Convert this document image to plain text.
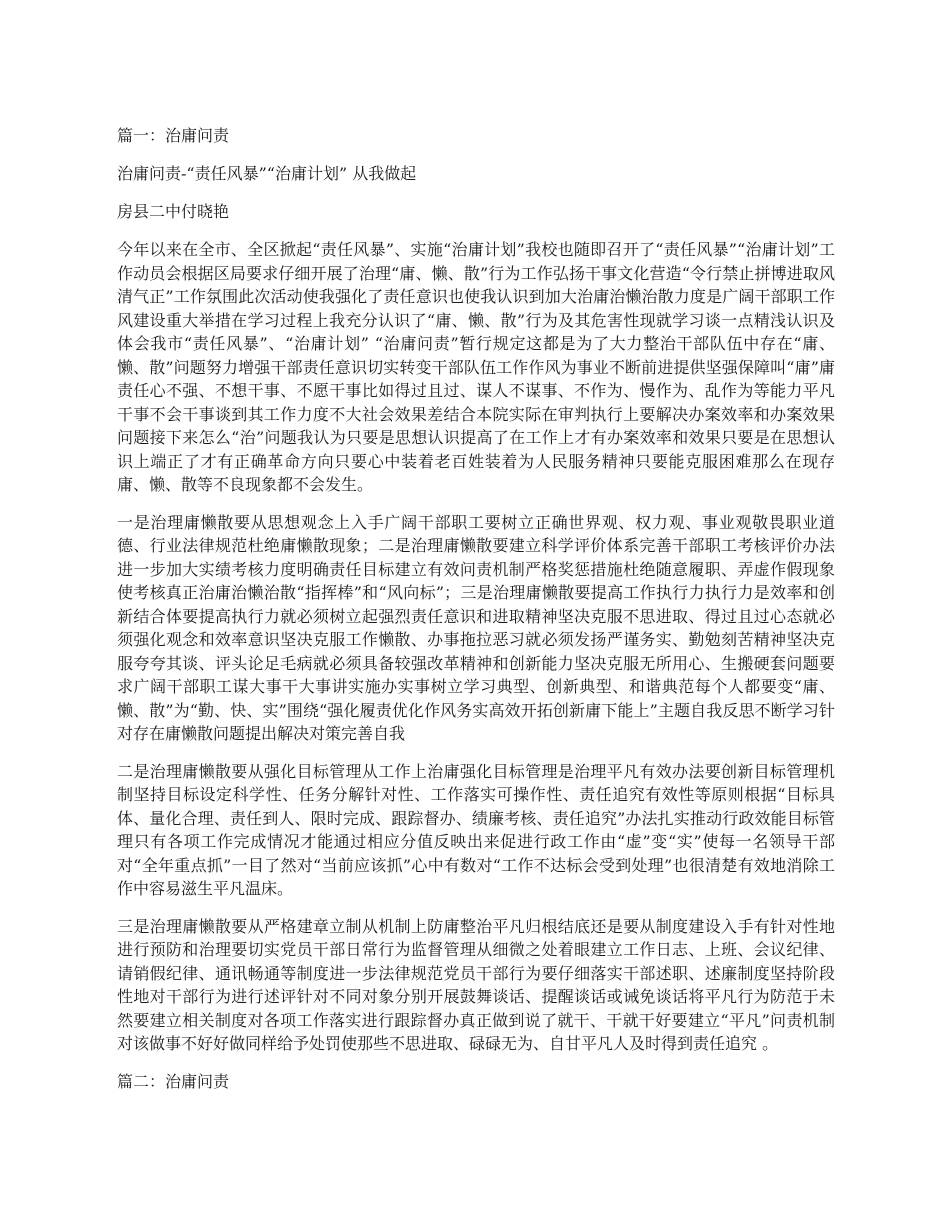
篇一：治庸问责
治庸问责-“责任风暴”“治庸计划” 从我做起
房县二中付晓艳
今年以来在全市、全区掀起“责任风暴”、实施“治庸计划”我校也随即召开了“责任风暴”“治庸计划”工作动员会根据区局要求仔细开展了治理“庸、懒、散”行为工作弘扬干事文化营造“令行禁止拼博进取风清气正”工作氛围此次活动使我强化了责任意识也使我认识到加大治庸治懒治散力度是广阔干部职工作风建设重大举措在学习过程上我充分认识了“庸、懒、散”行为及其危害性现就学习谈一点精浅认识及体会我市“责任风暴”、“治庸计划” “治庸问责”暂行规定这都是为了大力整治干部队伍中存在“庸、懒、散”问题努力增强干部责任意识切实转变干部队伍工作作风为事业不断前进提供坚强保障叫“庸”庸责任心不强、不想干事、不愿干事比如得过且过、谋人不谋事、不作为、慢作为、乱作为等能力平凡干事不会干事谈到其工作力度不大社会效果差结合本院实际在审判执行上要解决办案效率和办案效果问题接下来怎么“治”问题我认为只要是思想认识提高了在工作上才有办案效率和效果只要是在思想认识上端正了才有正确革命方向只要心中装着老百姓装着为人民服务精神只要能克服困难那么在现存庸、懒、散等不良现象都不会发生。
一是治理庸懒散要从思想观念上入手广阔干部职工要树立正确世界观、权力观、事业观敬畏职业道德、行业法律规范杜绝庸懒散现象；二是治理庸懒散要建立科学评价体系完善干部职工考核评价办法进一步加大实绩考核力度明确责任目标建立有效问责机制严格奖惩措施杜绝随意履职、弄虚作假现象使考核真正治庸治懒治散“指挥棒”和“风向标”；三是治理庸懒散要提高工作执行力执行力是效率和创新结合体要提高执行力就必须树立起强烈责任意识和进取精神坚决克服不思进取、得过且过心态就必须强化观念和效率意识坚决克服工作懒散、办事拖拉恶习就必须发扬严谨务实、勤勉刻苦精神坚决克服夸夸其谈、评头论足毛病就必须具备较强改革精神和创新能力坚决克服无所用心、生搬硬套问题要求广阔干部职工谋大事干大事讲实施办实事树立学习典型、创新典型、和谐典范每个人都要变“庸、懒、散”为“勤、快、实”围绕“强化履责优化作风务实高效开拓创新庸下能上”主题自我反思不断学习针对存在庸懒散问题提出解决对策完善自我
二是治理庸懒散要从强化目标管理从工作上治庸强化目标管理是治理平凡有效办法要创新目标管理机制坚持目标设定科学性、任务分解针对性、工作落实可操作性、责任追究有效性等原则根据“目标具体、量化合理、责任到人、限时完成、跟踪督办、绩廉考核、责任追究”办法扎实推动行政效能目标管理只有各项工作完成情况才能通过相应分值反映出来促进行政工作由“虚”变“实”使每一名领导干部对“全年重点抓”一目了然对“当前应该抓”心中有数对“工作不达标会受到处理”也很清楚有效地消除工作中容易滋生平凡温床。
三是治理庸懒散要从严格建章立制从机制上防庸整治平凡归根结底还是要从制度建设入手有针对性地进行预防和治理要切实党员干部日常行为监督管理从细微之处着眼建立工作日志、上班、会议纪律、请销假纪律、通讯畅通等制度进一步法律规范党员干部行为要仔细落实干部述职、述廉制度坚持阶段性地对干部行为进行述评针对不同对象分别开展鼓舞谈话、提醒谈话或诫免谈话将平凡行为防范于未然要建立相关制度对各项工作落实进行跟踪督办真正做到说了就干、干就干好要建立“平凡”问责机制对该做事不好好做同样给予处罚使那些不思进取、碌碌无为、自甘平凡人及时得到责任追究 。
篇二：治庸问责
